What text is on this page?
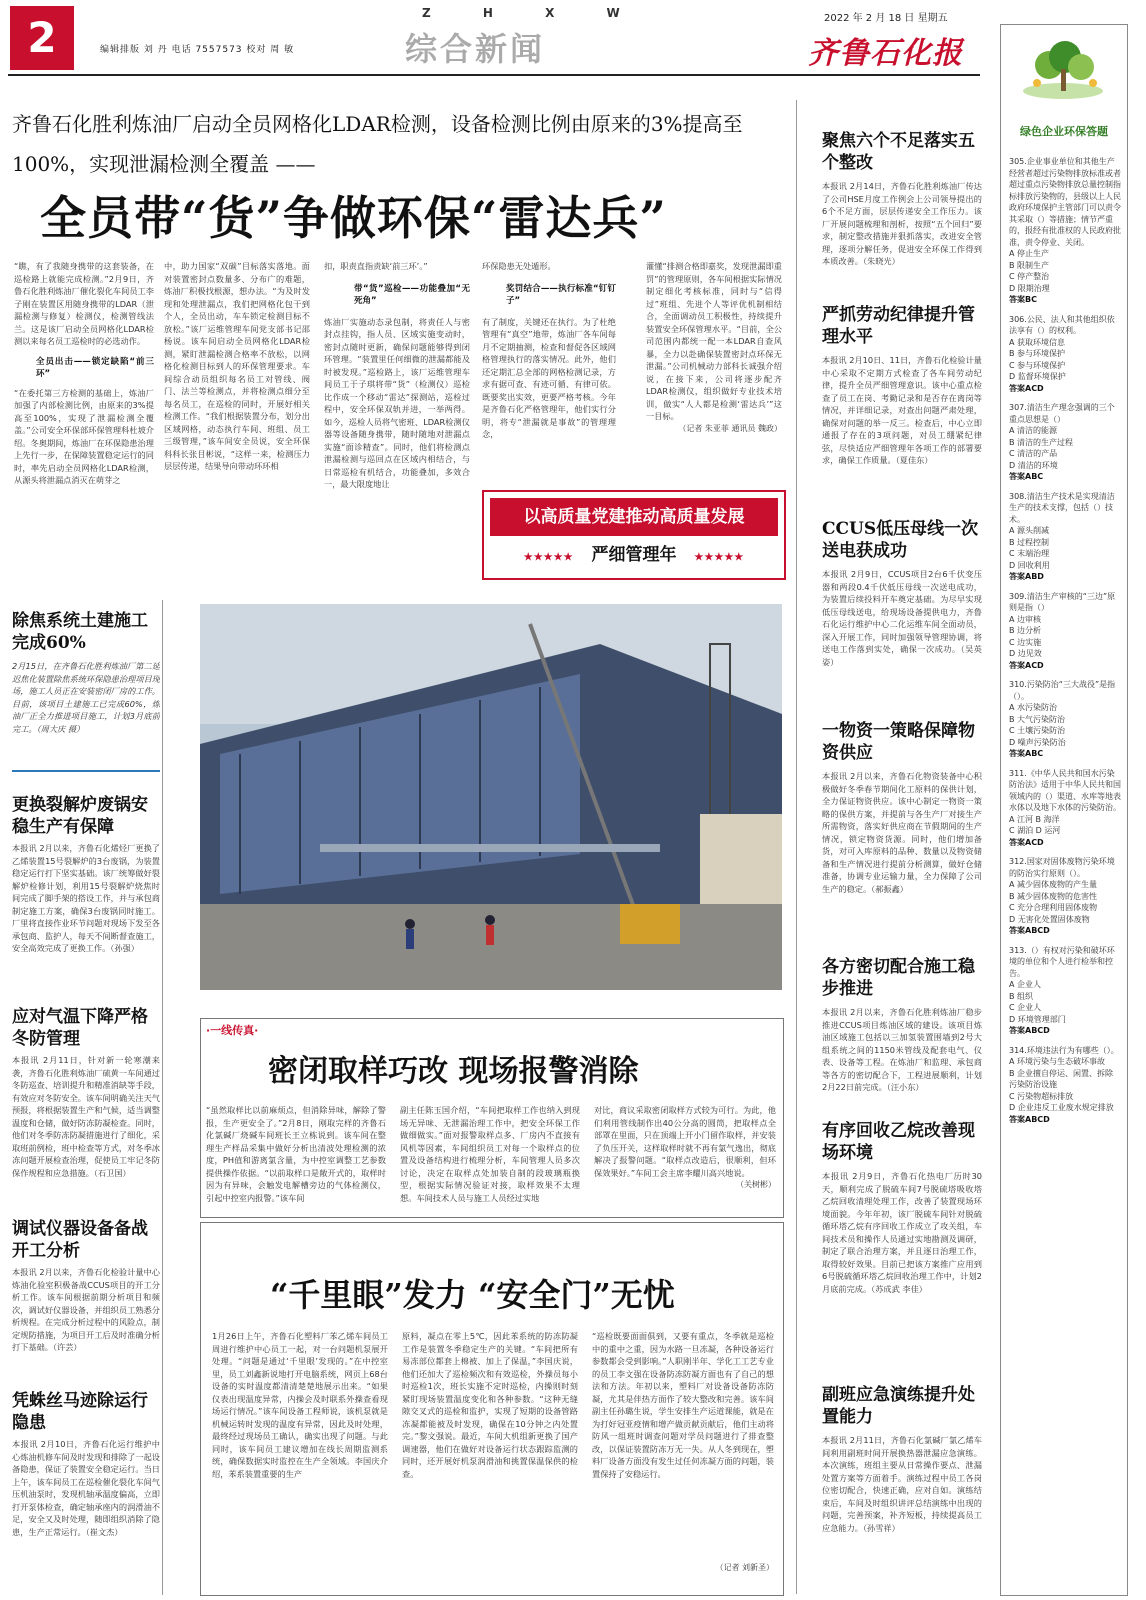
2	编辑排版 刘 丹 电话 7557573 校对 周 敏
Z H X W
综合新闻
2022 年 2 月 18 日 星期五
齐鲁石化报
齐鲁石化胜利炼油厂启动全员网格化LDAR检测，设备检测比例由原来的3%提高至100%，实现泄漏检测全覆盖 ——
全员带“货”争做环保“雷达兵”
“瞧，有了我随身携带的这套装备，在巡检路上就能完成检测。”2月9日，齐鲁石化胜利炼油厂催化裂化车间员工李子刚在装置区用随身携带的LDAR（泄漏检测与修复）检测仪，检测管线法兰。这是该厂启动全员网格化LDAR检测以来每名员工巡检时的必选动作。
全员出击——锁定缺陷“前三环”
“在委托第三方检测的基础上，炼油厂加强了内部检测比例，由原来的3%提高至100%，实现了泄漏检测全覆盖。”公司安全环保部环保管理科杜坡介绍。冬奥期间，炼油厂在环保隐患治理上先行一步，在保障装置稳定运行的同时，率先启动全员网格化LDAR检测，从源头将泄漏点消灭在萌芽之
中，助力国家“双碳”目标落实落地。面对装置密封点数量多、分布广的难题，炼油厂积极找根源，想办法。“为及时发现和处理泄漏点，我们把网格化包干到个人，全员出动，车车锁定检测目标不放松。”该厂运维管理车间党支部书记邵杨说。该车间启动全员网格化LDAR检测，紧盯泄漏检测合格率不放松，以网格化检测目标到人的环保管理要求。车间综合动员组织每名员工对管线、阀门、法兰等检测点，并将检测点细分至每名员工，在巡检的同时，开展好相关检测工作。“我们根据装置分布，划分出区域网格，动态执行车间、班组、员工三级管理，”该车间安全员说，安全环保科科长张目彬说，“这样一来，检测压力层层传递，结果导向带动环环相
扣，职责直指责缺‘前三环’。”
带“货”巡检——功能叠加“无死角”
炼油厂实施动态录包制，将责任人与密封点挂钩，指人员、区域实施变动时，密封点随时更新，确保问题能够得到闭环管理。“装置里任何细微的泄漏都能及时被发现。”巡检路上，该厂运维管理车间员工于子琪将带“货”（检测仪）巡检比作成一个移动“雷达”探测站，巡检过程中，安全环保双轨并进，一举两得。如今，巡检人员将气密班、LDAR检测仪器等设备随身携带，随时随地对泄漏点实施“面诊精查”。同时，他们将检测点泄漏检测与巡回点在区域内相结合，与日常巡检有机结合，功能叠加，多效合一，最大限度地让
环保隐患无处遁形。
奖罚结合——执行标准“钉钉子”
有了制度，关键还在执行。为了杜绝管理有“真空”地带，炼油厂各车间每月不定期抽测，检查和督促各区域网格管理执行的落实情况。此外，他们还定期汇总全部的网格检测记录，方求有据可查、有迹可循、有律可依。既要奖出实效，更要严格考核。今年是齐鲁石化严格管理年，他们实行分明，将专“泄漏就是事故”的管理理念，
灌懂“排测合格即嘉奖，发现泄漏即重罚”的管理原则，各车间根据实际情况制定细化考核标准，同时与“信得过”班组、先进个人等评优机制相结合，全面调动员工积极性，持续提升装置安全环保管理水平。“目前，全公司范围内都统一配一本LDAR自查风暴，全力以赴确保装置密封点环保无泄漏。”公司机械动力部科长诚强介绍说，在接下来，公司将逐步配齐LDAR检测仪，组织做好专业技术培训，做实“人人都是检测‘雷达兵’”这一目标。
（记者 朱亚菲 通讯员 魏政）
以高质量党建推动高质量发展
★★★★★ 严细管理年 ★★★★★
除焦系统土建施工完成60%
2月15日，在齐鲁石化胜利炼油厂第二延迟焦化装置除焦系统环保隐患治理项目现场，施工人员正在安装密闭厂房的工作。目前，该项目土建施工已完成60%，炼油厂正全力推进项目施工，计划3月底前完工。（周大庆 摄）
更换裂解炉废锅安稳生产有保障
本报讯 2月以来，齐鲁石化烯烃厂更换了乙烯装置15号裂解炉的3台废锅，为装置稳定运行打下坚实基础。该厂统筹做好裂解炉检修计划，利用15号裂解炉烧焦时间完成了脚手架的搭设工作，并与承包商制定施工方案，确保3台废锅同时施工。厂里将直接作业环节问题对现场下发至各承包商、监护人，每天不间断督查施工，安全高效完成了更换工作。（孙强）
应对气温下降严格冬防管理
本报讯 2月11日，针对新一轮寒潮来袭，齐鲁石化胜利炼油厂硫黄一车间通过冬防巡查、培训提升和精准消缺等手段，有效应对冬防安全。该车间明确关注天气预报，将根据装置生产和气候，适当调整温度和仓储，做好防冻防凝检查。同时，他们对冬季防冻防凝措施进行了细化，采取班前例检，班中检查等方式，对冬季冰冻问题开展检查治理，促使员工牢记冬防保作规程和应急措施。（石卫国）
调试仪器设备备战开工分析
本报讯 2月以来，齐鲁石化检验计量中心炼油化验室积极备战CCUS项目的开工分析工作。该车间根据前期分析项目和频次，调试好仪器设备，并组织员工熟悉分析规程。在完成分析过程中的风险点，制定规防措施，为项目开工后及时准确分析打下基础。（许芸）
凭蛛丝马迹除运行隐患
本报讯 2月10日，齐鲁石化运行维护中心炼油机修车间及时发现和排除了一起设备隐患，保证了装置安全稳定运行。当日上午，该车间员工在巡检催化裂化车间气压机油泵时，发现机轴承温度偏高，立即打开泵体检查，确定轴承座内的润滑油不足，安全又及时处理，随即组织消除了隐患，生产正常运行。（崔文杰）
·一线传真·
密闭取样巧改 现场报警消除
“虽然取样比以前麻烦点，但消除异味，解除了警报，生产更安全了。”2月8日，刚取完样的齐鲁石化氯碱厂烧碱车间班长王立栋说到。该车间在整理生产样品采集中做好分析出清波处理检测的浓度，PH值和游离氯含量，为中控室调整工艺参数提供操作依据。“以前取样口是敞开式的，取样时因为有异味，会触发电解槽旁边的气体检测仪，引起中控室内报警。”该车间
副主任陈玉国介绍，“车间把取样工作也纳入到现场无异味、无泄漏治理工作中，把安全环保工作做细做实。”面对报警取样点多、厂房内不直接有风机等因素，车间组织员工对每一个取样点的位置及设备结构进行梳理分析，车间管理人员多次讨论，决定在取样点处加装自制的段玻璃瓶换型，根据实际情况验证对接，取样效果不太理想。车间技术人员与施工人员经过实地
对比，商议采取密闭取样方式较为可行。为此，他们利用管线制作出40公分高的圆筒，把取样点全部罩在里面，只在顶端上开小门留作取样，并安装了负压开关，这样取样时就不再有氯气逸出，彻底解决了报警问题。“取样点改造后，很顺利，但环保效果好。”车间工会主席李耀川高兴地说。
（关树彬）
“千里眼”发力 “安全门”无忧
1月26日上午，齐鲁石化塑料厂苯乙烯车间员工周进行维护中心员工一起，对一台问题机泵展开处理。“问题是通过‘千里眼’发现的。”在中控室里，员工刘鑫新说地打开电脑系统，网页上68台设备的实时温度都清清楚楚地展示出来。“如果仪表出现温度异常，内操会及时联系外操查看现场运行情况。”该车间设备工程师说，该机泵就是机械运转时发现的温度有异常，因此及时处理，最终经过现场员工确认，确实出现了问题。与此同时，该车间员工建议增加在线长周期监测系统，确保数据实时监控在生产全领域。李国庆介绍，苯系装置重要的生产
原料，凝点在零上5℃，因此苯系统的防冻防凝工作是装置冬季稳定生产的关键。“车间把所有易冻部位都套上棉被、加上了保温，”李国庆说，他们还加大了巡检频次和有效巡检，外操员每小时巡检1次，班长实施不定时巡检，内操则时刻紧盯现场装置温度变化和各种参数。“这种无缝隙交叉式的巡检和监护，实现了短期的设备管路冻凝都能被及时发现，确保在10分钟之内处置完。”黎文强说。最近，车间大机组新更换了国产调速器，他们在做好对设备运行状态跟踪监测的同时，还开展好机泵润滑油和挑置保温保供的检查。
“巡检既要面面俱到，又要有重点，冬季就是巡检中的重中之重，因为水路一旦冻凝，各种设备运行参数都会受到影响。”人职刚半年、学化工工艺专业的员工李文强在设备防冻防凝方面也有了自己的想法和方法。年初以来，塑料厂对设备设备防冻防凝，尤其是伴热方面作了较大整改和完善。该车间副主任孙璐生说，学生安排生产运道课能，就是在为打好冠亚疫情和增产做贡献贡献后，他们主动将防风一组班时调查问题对学员问题进行了排查整改，以保证装置防冻万无一失。从人冬到现在，塑料厂设备方面没有发生过任何冻凝方面的问题，装置保持了安稳运行。
（记者 刘新圣）
聚焦六个不足落实五个整改
本报讯 2月14日，齐鲁石化胜利炼油厂传达了公司HSE月度工作例会上公司领导提出的6个不足方面，层层传递安全工作压力。该厂开展问题梳理和剖析，按照“五个回归”要求，制定整改措施并狠抓落实，改进安全管理，逐项分解任务，促进安全环保工作得到本质改善。（朱晓光）
严抓劳动纪律提升管理水平
本报讯 2月10日、11日，齐鲁石化检验计量中心采取不定期方式检查了各车间劳动纪律，提升全员严细管理意识。该中心重点检查了员工在岗、考勤记录和是否存在离岗等情况，并详细记录，对查出问题严肃处理，确保对问题的举一反三。检查后，中心立即通报了存在的3项问题，对员工绷紧纪律弦，尽快适应严细管理年各项工作的部署要求，确保工作质量。（夏佳东）
CCUS低压母线一次送电获成功
本报讯 2月9日，CCUS项目2台6千伏变压器和两段0.4千伏低压母线一次送电成功，为装置后续投料开车奠定基础。为尽早实现低压母线送电，给现场设备提供电力，齐鲁石化运行维护中心二化运维车间全面动员，深入开展工作，同时加强领导管理协调，将送电工作落到实处，确保一次成功。（吴英姿）
一物资一策略保障物资供应
本报讯 2月以来，齐鲁石化物资装备中心积极做好冬季春节期间化工原料的保供计划，全力保证物资供应。该中心制定一物资一策略的保供方案，并提前与各生产厂对接生产所需物资，落实好供应商在节假期间的生产情况，锁定物资货源。同时，他们增加备货，对可入库原料的品种、数量以及物资储备和生产情况进行提前分析测算，做好仓储准备，协调专业运输力量，全力保障了公司生产的稳定。（郝振鑫）
各方密切配合施工稳步推进
本报讯 2月以来，齐鲁石化胜利炼油厂稳步推进CCUS项目炼油区域的建设。该项目炼油区域施工包括以三加氢装置围墙到2号大组系统之间的1150米管线及配套电气、仪表、设备等工程。在炼油厂和监理、承包商等各方的密切配合下，工程进展顺利，计划2月22日前完成。（汪小东）
有序回收乙烷改善现场环境
本报讯 2月9日，齐鲁石化热电厂历时30天，顺利完成了脱硫车间7号脱硫塔吸收塔乙烷回收清理处理工作，改善了装置现场环境面貌。今年年初，该厂脱硫车间针对脱硫循环塔乙烷有序回收工作成立了攻关组，车间技术员和操作人员通过实地勘测及调研，制定了联合治理方案，并且逐日治理工作，取得较好效果。目前已把该方案推广应用到6号脱硫循环塔乙烷回收治理工作中，计划2月底前完成。（苏成武 李佳）
副班应急演练提升处置能力
本报讯 2月11日，齐鲁石化氯碱厂氯乙烯车间利用副班时间开展换热器泄漏应急演练。本次演练，班组主要从日常操作要点、泄漏处置方案等方面着手。演练过程中员工各岗位密切配合，快速正确，应对自如。演练结束后，车间及时组织讲评总结演练中出现的问题，完善预案，补齐短板，持续提高员工应急能力。（孙雪祥）
绿色企业环保答题
305.企业事业单位和其他生产经营者超过污染物排放标准或者超过重点污染物排放总量控制指标排放污染物的，县级以上人民政府环境保护主管部门可以责令其采取（）等措施；情节严重的，报经有批准权的人民政府批准，责令停业、关闭。
A 停止生产
B 限制生产
C 停产整治
D 限期治理
答案BC
306.公民、法人和其他组织依法享有（）的权利。
A 获取环境信息
B 参与环境保护
C 参与环境保护
D 监督环境保护
答案ACD
307.清洁生产理念强调的三个重点思想是（）
A 清洁的能源
B 清洁的生产过程
C 清洁的产品
D 清洁的环境
答案ABC
308.清洁生产技术是实现清洁生产的技术支撑，包括（）技术。
A 源头削减
B 过程控制
C 末端治理
D 回收利用
答案ABD
309.清洁生产审核的“三边”原则是指（）
A 边审核
B 边分析
C 边实施
D 边见效
答案ACD
310.污染防治“三大战役”是指（）。
A 水污染防治
B 大气污染防治
C 土壤污染防治
D 噪声污染防治
答案ABC
311.《中华人民共和国水污染防治法》适用于中华人民共和国领域内的（）渠道、水库等地表水体以及地下水体的污染防治。
A 江河 B 海洋
C 湖泊 D 运河
答案ACD
312.国家对固体废物污染环境的防治实行原则（）。
A 减少固体废物的产生量
B 减少固体废物的危害性
C 充分合理利用固体废物
D 无害化处置固体废物
答案ABCD
313.（）有权对污染和破坏环境的单位和个人进行检举和控告。
A 企业人
B 组织
C 企业人
D 环境管理部门
答案ABCD
314.环境违法行为有哪些（）。
A 环境污染与生态破坏事故
B 企业擅自停运、闲置、拆除污染防治设施
C 污染物超标排放
D 企业违反工业废水规定排放
答案ABCD
